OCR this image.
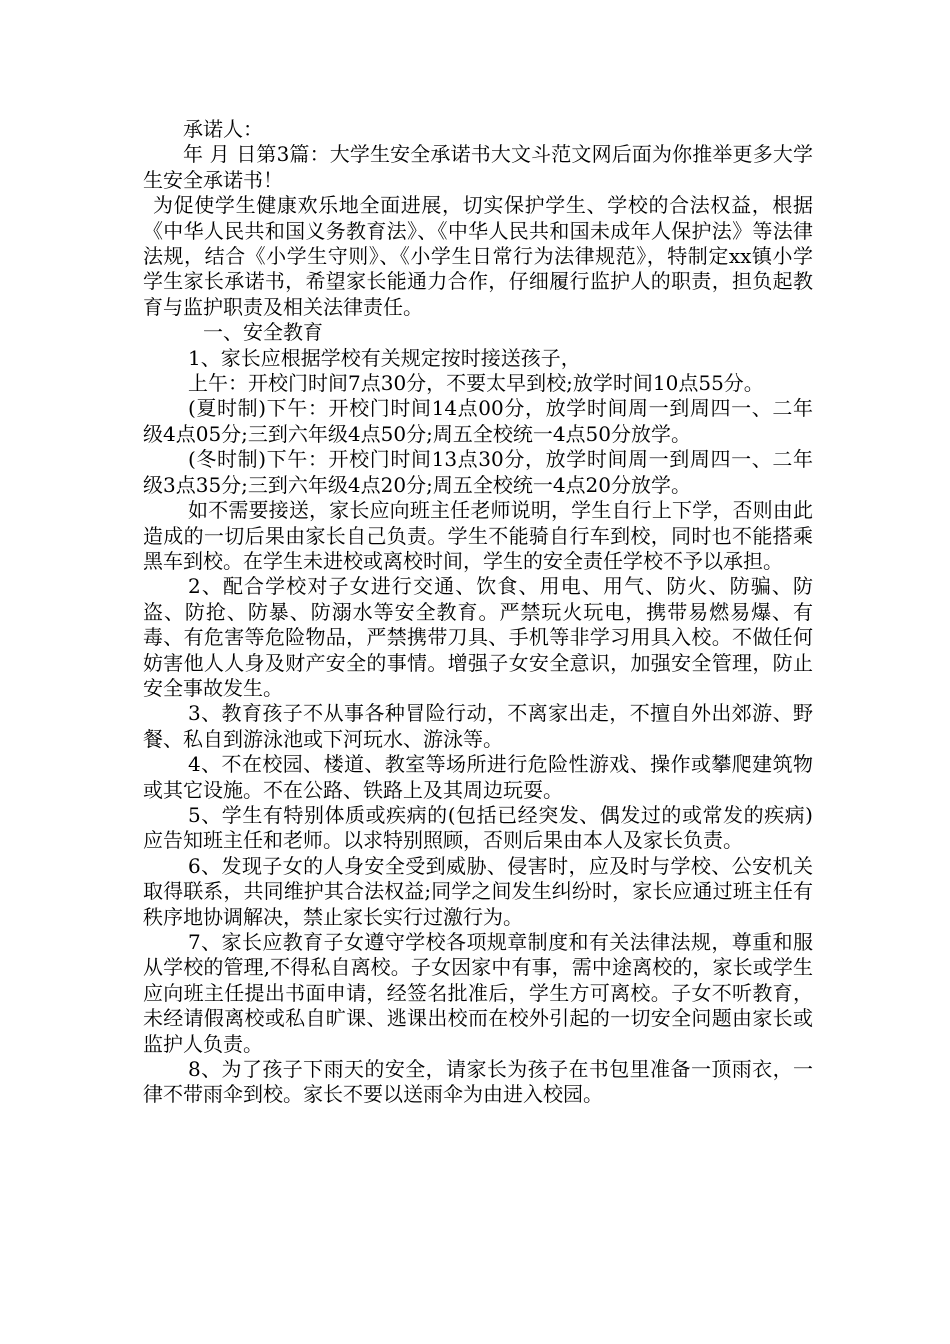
承诺人：

年 月 日第3篇：大学生安全承诺书大文斗范文网后面为你推举更多大学生安全承诺书！

为促使学生健康欢乐地全面进展，切实保护学生、学校的合法权益，根据《中华人民共和国义务教育法》、《中华人民共和国未成年人保护法》等法律法规，结合《小学生守则》、《小学生日常行为法律规范》，特制定xx镇小学学生家长承诺书，希望家长能通力合作，仔细履行监护人的职责，担负起教育与监护职责及相关法律责任。

一、安全教育

1、家长应根据学校有关规定按时接送孩子，

上午：开校门时间7点30分，不要太早到校;放学时间10点55分。

(夏时制)下午：开校门时间14点00分，放学时间周一到周四一、二年级4点05分;三到六年级4点50分;周五全校统一4点50分放学。

(冬时制)下午：开校门时间13点30分，放学时间周一到周四一、二年级3点35分;三到六年级4点20分;周五全校统一4点20分放学。

如不需要接送，家长应向班主任老师说明，学生自行上下学，否则由此造成的一切后果由家长自己负责。学生不能骑自行车到校，同时也不能搭乘黑车到校。在学生未进校或离校时间，学生的安全责任学校不予以承担。

2、配合学校对子女进行交通、饮食、用电、用气、防火、防骗、防盗、防抢、防暴、防溺水等安全教育。严禁玩火玩电，携带易燃易爆、有毒、有危害等危险物品，严禁携带刀具、手机等非学习用具入校。不做任何妨害他人人身及财产安全的事情。增强子女安全意识，加强安全管理，防止安全事故发生。

3、教育孩子不从事各种冒险行动，不离家出走，不擅自外出郊游、野餐、私自到游泳池或下河玩水、游泳等。

4、不在校园、楼道、教室等场所进行危险性游戏、操作或攀爬建筑物或其它设施。不在公路、铁路上及其周边玩耍。

5、学生有特别体质或疾病的(包括已经突发、偶发过的或常发的疾病)应告知班主任和老师。以求特别照顾，否则后果由本人及家长负责。

6、发现子女的人身安全受到威胁、侵害时，应及时与学校、公安机关取得联系，共同维护其合法权益;同学之间发生纠纷时，家长应通过班主任有秩序地协调解决，禁止家长实行过激行为。

7、家长应教育子女遵守学校各项规章制度和有关法律法规，尊重和服从学校的管理,不得私自离校。子女因家中有事，需中途离校的，家长或学生应向班主任提出书面申请，经签名批准后，学生方可离校。子女不听教育，未经请假离校或私自旷课、逃课出校而在校外引起的一切安全问题由家长或监护人负责。

8、为了孩子下雨天的安全，请家长为孩子在书包里准备一顶雨衣，一律不带雨伞到校。家长不要以送雨伞为由进入校园。
